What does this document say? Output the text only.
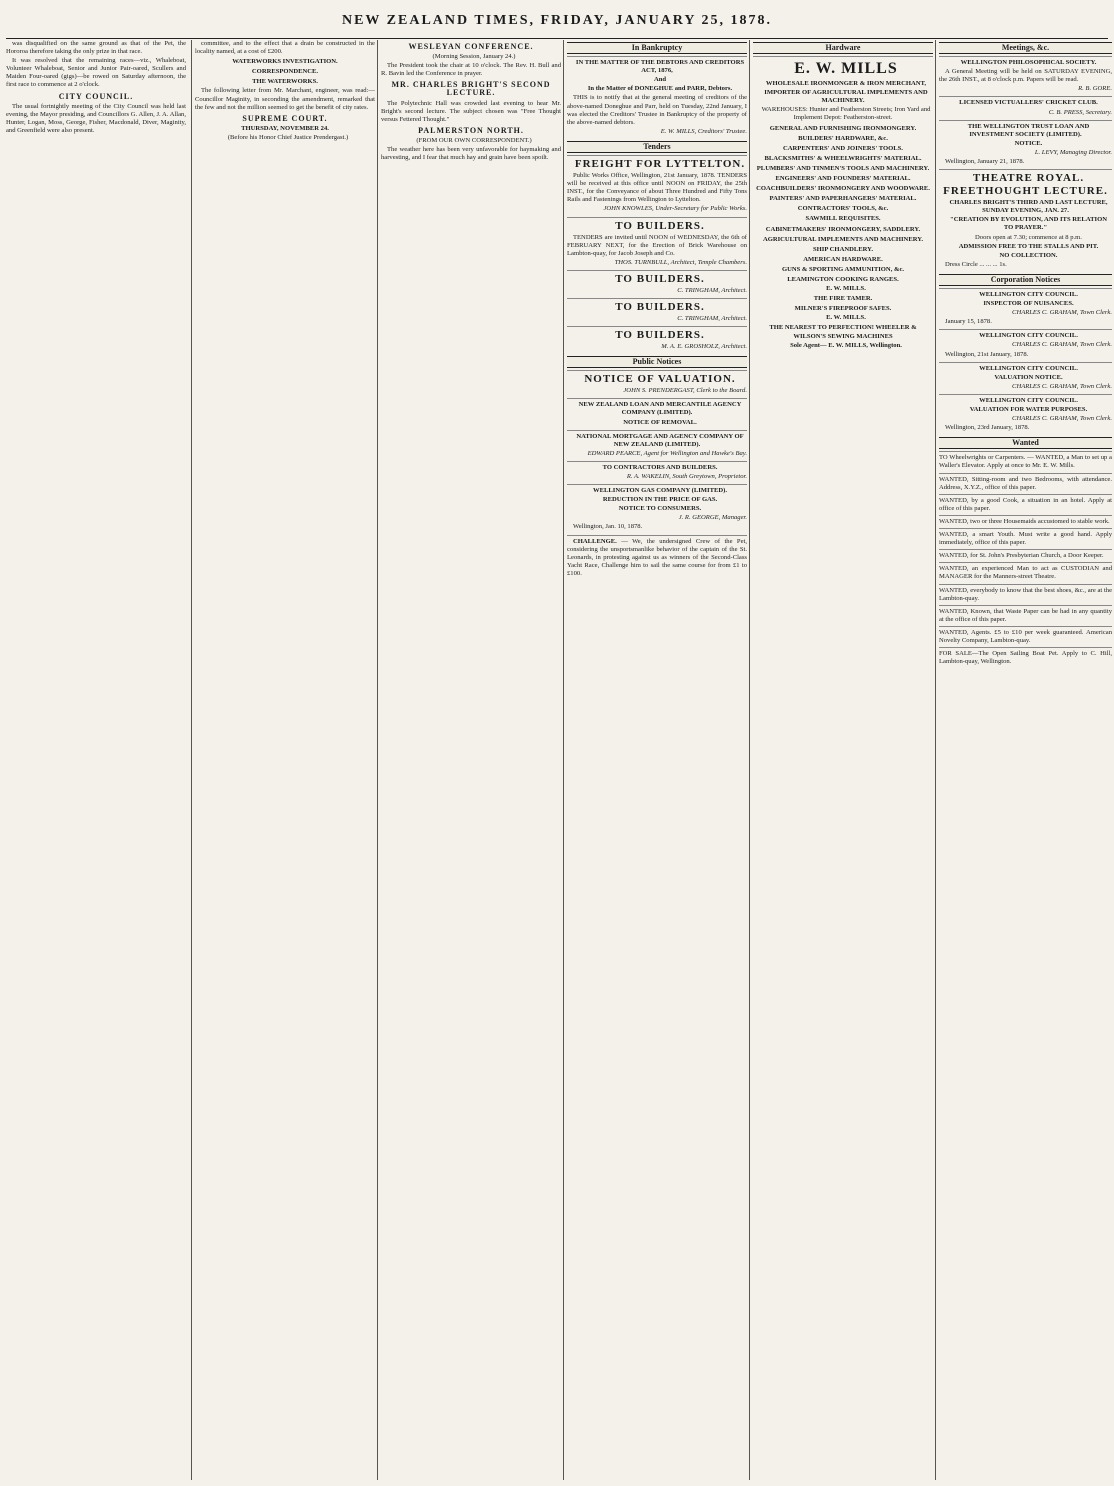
NEW ZEALAND TIMES, FRIDAY, JANUARY 25, 1878.

was disqualified on the same ground as that of the Pet, the Hororoa therefore taking the only prize in that race.

It was resolved that the remaining races—viz., Whaleboat, Volunteer Whaleboat, Senior and Junior Pair-oared, Scullers and Maiden Four-oared (gigs)—be rowed on Saturday afternoon, the first race to commence at 2 o'clock.

CITY COUNCIL.

The usual fortnightly meeting of the City Council was held last evening, the Mayor presiding, and Councillors G. Allen, J. A. Allan, Hunter, Logan, Moss, George, Fisher, Macdonald, Diver, Maginity, and Greenfield were also present.

committee, and to the effect that a drain be constructed in the locality named, at a cost of £200.

WATERWORKS INVESTIGATION.
CORRESPONDENCE.
THE WATERWORKS.

The following letter from Mr. Marchant, engineer, was read:— Councillor Maginity, in seconding the amendment, remarked that the few and not the million seemed to get the benefit of city rates.

SUPREME COURT.
THURSDAY, NOVEMBER 24.

(Before his Honor Chief Justice Prendergast.)

WESLEYAN CONFERENCE.

(Morning Session, January 24.)

The President took the chair at 10 o'clock. The Rev. H. Bull and R. Bavin led the Conference in prayer.

MR. CHARLES BRIGHT'S SECOND LECTURE.

The Polytechnic Hall was crowded last evening to hear Mr. Bright's second lecture. The subject chosen was "Free Thought versus Fettered Thought."

PALMERSTON NORTH.

(FROM OUR OWN CORRESPONDENT.)

The weather here has been very unfavorable for haymaking and harvesting, and I fear that much hay and grain have been spoilt.

In Bankruptcy

IN THE MATTER OF THE DEBTORS AND CREDITORS ACT, 1876,

And

In the Matter of DONEGHUE and PARR, Debtors.

THIS is to notify that at the general meeting of creditors of the above-named Doneghue and Parr, held on Tuesday, 22nd January, I was elected the Creditors' Trustee in Bankruptcy of the property of the above-named debtors.

E. W. MILLS, Creditors' Trustee.

Tenders

FREIGHT FOR LYTTELTON.

Public Works Office, Wellington, 21st January, 1878. TENDERS will be received at this office until NOON on FRIDAY, the 25th INST., for the Conveyance of about Three Hundred and Fifty Tons Rails and Fastenings from Wellington to Lyttelton.

JOHN KNOWLES, Under-Secretary for Public Works.

TO BUILDERS.

TENDERS are invited until NOON of WEDNESDAY, the 6th of FEBRUARY NEXT, for the Erection of Brick Warehouse on Lambton-quay, for Jacob Joseph and Co.

THOS. TURNBULL, Architect, Temple Chambers.

TO BUILDERS.

C. TRINGHAM, Architect.

TO BUILDERS.

C. TRINGHAM, Architect.

TO BUILDERS.

M. A. E. GROSHOLZ, Architect.

Public Notices

NOTICE OF VALUATION.

JOHN S. PRENDERGAST, Clerk to the Board.

NEW ZEALAND LOAN AND MERCANTILE AGENCY COMPANY (LIMITED).

NOTICE OF REMOVAL.

NATIONAL MORTGAGE AND AGENCY COMPANY OF NEW ZEALAND (LIMITED).

EDWARD PEARCE, Agent for Wellington and Hawke's Bay.

TO CONTRACTORS AND BUILDERS.

R. A. WAKELIN, South Greytown, Proprietor.

WELLINGTON GAS COMPANY (LIMITED).

REDUCTION IN THE PRICE OF GAS.

NOTICE TO CONSUMERS.

J. R. GEORGE, Manager.

Wellington, Jan. 10, 1878.

CHALLENGE. — We, the undersigned Crew of the Pet, considering the unsportsmanlike behavior of the captain of the St. Leonards, in protesting against us as winners of the Second-Class Yacht Race, Challenge him to sail the same course for from £1 to £100.

Hardware

E. W. MILLS

WHOLESALE IRONMONGER & IRON MERCHANT,

IMPORTER OF AGRICULTURAL IMPLEMENTS AND MACHINERY.

WAREHOUSES: Hunter and Featherston Streets; Iron Yard and Implement Depot: Featherston-street.

GENERAL AND FURNISHING IRONMONGERY.
BUILDERS' HARDWARE, &c.
CARPENTERS' AND JOINERS' TOOLS.
BLACKSMITHS' & WHEELWRIGHTS' MATERIAL.
PLUMBERS' AND TINMEN'S TOOLS AND MACHINERY.
ENGINEERS' AND FOUNDERS' MATERIAL.
COACHBUILDERS' IRONMONGERY AND WOODWARE.
PAINTERS' AND PAPERHANGERS' MATERIAL.
CONTRACTORS' TOOLS, &c.
SAWMILL REQUISITES.
CABINETMAKERS' IRONMONGERY, SADDLERY.
AGRICULTURAL IMPLEMENTS AND MACHINERY.
SHIP CHANDLERY.
AMERICAN HARDWARE.
GUNS & SPORTING AMMUNITION, &c.
LEAMINGTON COOKING RANGES.

E. W. MILLS.

THE FIRE TAMER.
MILNER'S FIREPROOF SAFES.

E. W. MILLS.

THE NEAREST TO PERFECTION! WHEELER & WILSON'S SEWING MACHINES

Sole Agent— E. W. MILLS, Wellington.

Meetings, &c.

WELLINGTON PHILOSOPHICAL SOCIETY.

A General Meeting will be held on SATURDAY EVENING, the 26th INST., at 8 o'clock p.m. Papers will be read.

R. B. GORE.

LICENSED VICTUALLERS' CRICKET CLUB.

C. B. PRESS, Secretary.

THE WELLINGTON TRUST LOAN AND INVESTMENT SOCIETY (LIMITED).

NOTICE.

L. LEVY, Managing Director.

Wellington, January 21, 1878.

THEATRE ROYAL. FREETHOUGHT LECTURE.

CHARLES BRIGHT'S THIRD AND LAST LECTURE, SUNDAY EVENING, JAN. 27.

"CREATION BY EVOLUTION, AND ITS RELATION TO PRAYER."

Doors open at 7.30; commence at 8 p.m.

ADMISSION FREE TO THE STALLS AND PIT.

NO COLLECTION.

Dress Circle ... ... ... 1s.

Corporation Notices

WELLINGTON CITY COUNCIL.

INSPECTOR OF NUISANCES.

CHARLES C. GRAHAM, Town Clerk.

January 15, 1878.

WELLINGTON CITY COUNCIL.

CHARLES C. GRAHAM, Town Clerk.

Wellington, 21st January, 1878.

WELLINGTON CITY COUNCIL.

VALUATION NOTICE.

CHARLES C. GRAHAM, Town Clerk.

WELLINGTON CITY COUNCIL.

VALUATION FOR WATER PURPOSES.

CHARLES C. GRAHAM, Town Clerk.

Wellington, 23rd January, 1878.

Wanted
TO Wheelwrights or Carpenters. — WANTED, a Man to set up a Waller's Elevator. Apply at once to Mr. E. W. Mills.
WANTED, Sitting-room and two Bedrooms, with attendance. Address, X.Y.Z., office of this paper.
WANTED, by a good Cook, a situation in an hotel. Apply at office of this paper.
WANTED, two or three Housemaids accustomed to stable work.
WANTED, a smart Youth. Must write a good hand. Apply immediately, office of this paper.
WANTED, for St. John's Presbyterian Church, a Door Keeper.
WANTED, an experienced Man to act as CUSTODIAN and MANAGER for the Manners-street Theatre.
WANTED, everybody to know that the best shoes, &c., are at the Lambton-quay.
WANTED, Known, that Waste Paper can be had in any quantity at the office of this paper.
WANTED, Agents. £5 to £10 per week guaranteed. American Novelty Company, Lambton-quay.
FOR SALE—The Open Sailing Boat Pet. Apply to C. Hill, Lambton-quay, Wellington.
